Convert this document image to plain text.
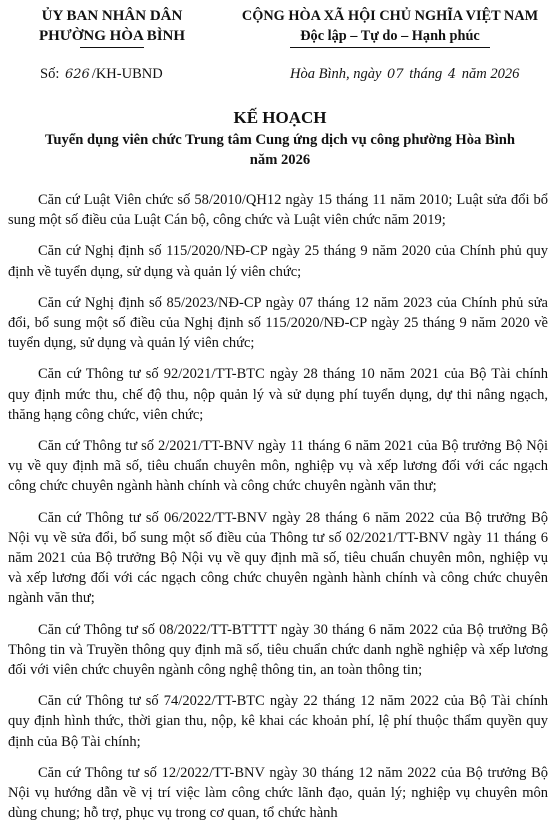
ỦY BAN NHÂN DÂN
PHƯỜNG HÒA BÌNH
CỘNG HÒA XÃ HỘI CHỦ NGHĨA VIỆT NAM
Độc lập – Tự do – Hạnh phúc
Số: 626 /KH-UBND	Hòa Bình, ngày 07 tháng 4 năm 2026
KẾ HOẠCH
Tuyển dụng viên chức Trung tâm Cung ứng dịch vụ công phường Hòa Bình năm 2026

Căn cứ Luật Viên chức số 58/2010/QH12 ngày 15 tháng 11 năm 2010; Luật sửa đổi bổ sung một số điều của Luật Cán bộ, công chức và Luật viên chức năm 2019;

Căn cứ Nghị định số 115/2020/NĐ-CP ngày 25 tháng 9 năm 2020 của Chính phủ quy định về tuyển dụng, sử dụng và quản lý viên chức;

Căn cứ Nghị định số 85/2023/NĐ-CP ngày 07 tháng 12 năm 2023 của Chính phủ sửa đổi, bổ sung một số điều của Nghị định số 115/2020/NĐ-CP ngày 25 tháng 9 năm 2020 về tuyển dụng, sử dụng và quản lý viên chức;

Căn cứ Thông tư số 92/2021/TT-BTC ngày 28 tháng 10 năm 2021 của Bộ Tài chính quy định mức thu, chế độ thu, nộp quản lý và sử dụng phí tuyển dụng, dự thi nâng ngạch, thăng hạng công chức, viên chức;

Căn cứ Thông tư số 2/2021/TT-BNV ngày 11 tháng 6 năm 2021 của Bộ trưởng Bộ Nội vụ về quy định mã số, tiêu chuẩn chuyên môn, nghiệp vụ và xếp lương đối với các ngạch công chức chuyên ngành hành chính và công chức chuyên ngành văn thư;

Căn cứ Thông tư số 06/2022/TT-BNV ngày 28 tháng 6 năm 2022 của Bộ trưởng Bộ Nội vụ về sửa đổi, bổ sung một số điều của Thông tư số 02/2021/TT-BNV ngày 11 tháng 6 năm 2021 của Bộ trưởng Bộ Nội vụ về quy định mã số, tiêu chuẩn chuyên môn, nghiệp vụ và xếp lương đối với các ngạch công chức chuyên ngành hành chính và công chức chuyên ngành văn thư;

Căn cứ Thông tư số 08/2022/TT-BTTTT ngày 30 tháng 6 năm 2022 của Bộ trưởng Bộ Thông tin và Truyền thông quy định mã số, tiêu chuẩn chức danh nghề nghiệp và xếp lương đối với viên chức chuyên ngành công nghệ thông tin, an toàn thông tin;

Căn cứ Thông tư số 74/2022/TT-BTC ngày 22 tháng 12 năm 2022 của Bộ Tài chính quy định hình thức, thời gian thu, nộp, kê khai các khoản phí, lệ phí thuộc thẩm quyền quy định của Bộ Tài chính;

Căn cứ Thông tư số 12/2022/TT-BNV ngày 30 tháng 12 năm 2022 của Bộ trưởng Bộ Nội vụ hướng dẫn về vị trí việc làm công chức lãnh đạo, quản lý; nghiệp vụ chuyên môn dùng chung; hỗ trợ, phục vụ trong cơ quan, tổ chức hành
